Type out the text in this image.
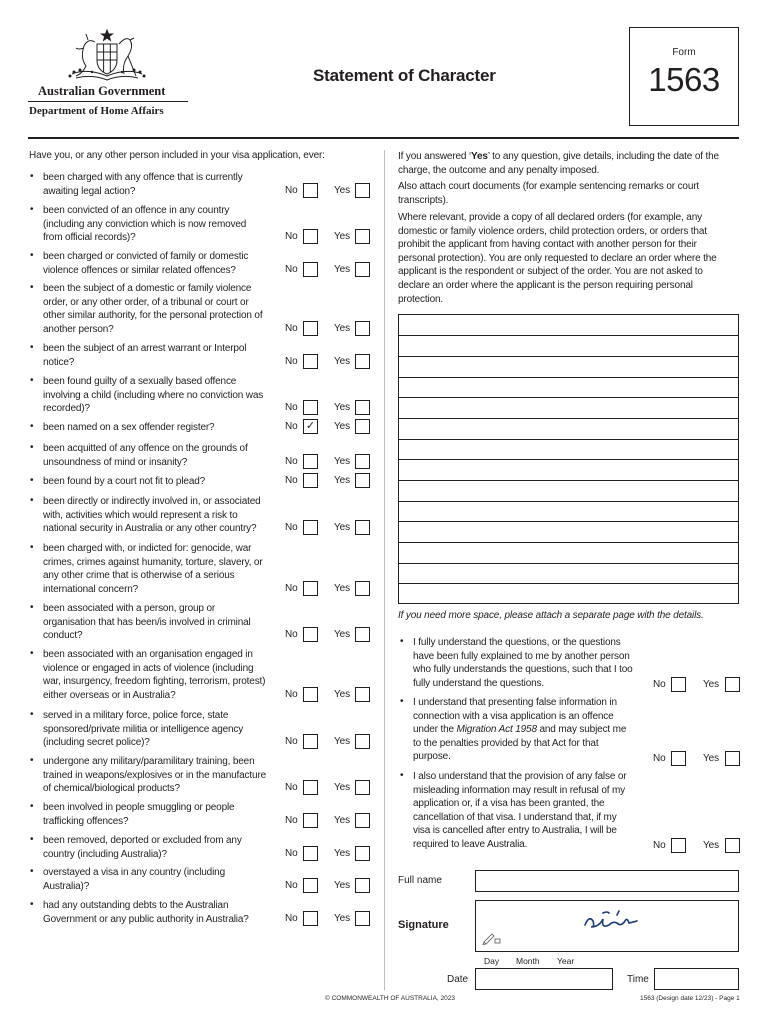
Australian Government
Department of Home Affairs
Statement of Character
Form
1563
Have you, or any other person included in your visa application, ever:
• been charged with any offence that is currently
awaiting legal action?	No	Yes
• been convicted of an offence in any country
(including any conviction which is now removed
from official records)?	No	Yes
• been charged or convicted of family or domestic
violence offences or similar related offences?	No	Yes
• been the subject of a domestic or family violence
order, or any other order, of a tribunal or court or
other similar authority, for the personal protection of
another person?	No	Yes
• been the subject of an arrest warrant or Interpol
notice?	No	Yes
• been found guilty of a sexually based offence
involving a child (including where no conviction was
recorded)?	No	Yes
• been named on a sex offender register?	No ✓ Yes
• been acquitted of any offence on the grounds of
unsoundness of mind or insanity?	No	Yes
• been found by a court not fit to plead?	No	Yes
• been directly or indirectly involved in, or associated
with, activities which would represent a risk to
national security in Australia or any other country?	No	Yes
• been charged with, or indicted for: genocide, war
crimes, crimes against humanity, torture, slavery, or
any other crime that is otherwise of a serious
international concern?	No	Yes
• been associated with a person, group or
organisation that has been/is involved in criminal
conduct?	No	Yes
• been associated with an organisation engaged in
violence or engaged in acts of violence (including
war, insurgency, freedom fighting, terrorism, protest)
either overseas or in Australia?	No	Yes
• served in a military force, police force, state
sponsored/private militia or intelligence agency
(including secret police)?	No	Yes
• undergone any military/paramilitary training, been
trained in weapons/explosives or in the manufacture
of chemical/biological products?	No	Yes
• been involved in people smuggling or people
trafficking offences?	No	Yes
• been removed, deported or excluded from any
country (including Australia)?	No	Yes
• overstayed a visa in any country (including
Australia)?	No	Yes
• had any outstanding debts to the Australian
Government or any public authority in Australia?	No	Yes
If you answered ‘Yes’ to any question, give details, including the date of the
charge, the outcome and any penalty imposed.
Also attach court documents (for example sentencing remarks or court
transcripts).
Where relevant, provide a copy of all declared orders (for example, any
domestic or family violence orders, child protection orders, or orders that
prohibit the applicant from having contact with another person for their
personal protection). You are only requested to declare an order where the
applicant is the respondent or subject of the order. You are not asked to
declare an order where the applicant is the person requiring personal
protection.
If you need more space, please attach a separate page with the details.
• I fully understand the questions, or the questions
have been fully explained to me by another person
who fully understands the questions, such that I too
fully understand the questions.	No	Yes
• I understand that presenting false information in
connection with a visa application is an offence
under the Migration Act 1958 and may subject me
to the penalties provided by that Act for that
purpose.	No	Yes
• I also understand that the provision of any false or
misleading information may result in refusal of my
application or, if a visa has been granted, the
cancellation of that visa. I understand that, if my
visa is cancelled after entry to Australia, I will be
required to leave Australia.	No	Yes
Full name
Signature
Day Month Year
Date	Time
© COMMONWEALTH OF AUSTRALIA, 2023	1563 (Design date 12/23) - Page 1
